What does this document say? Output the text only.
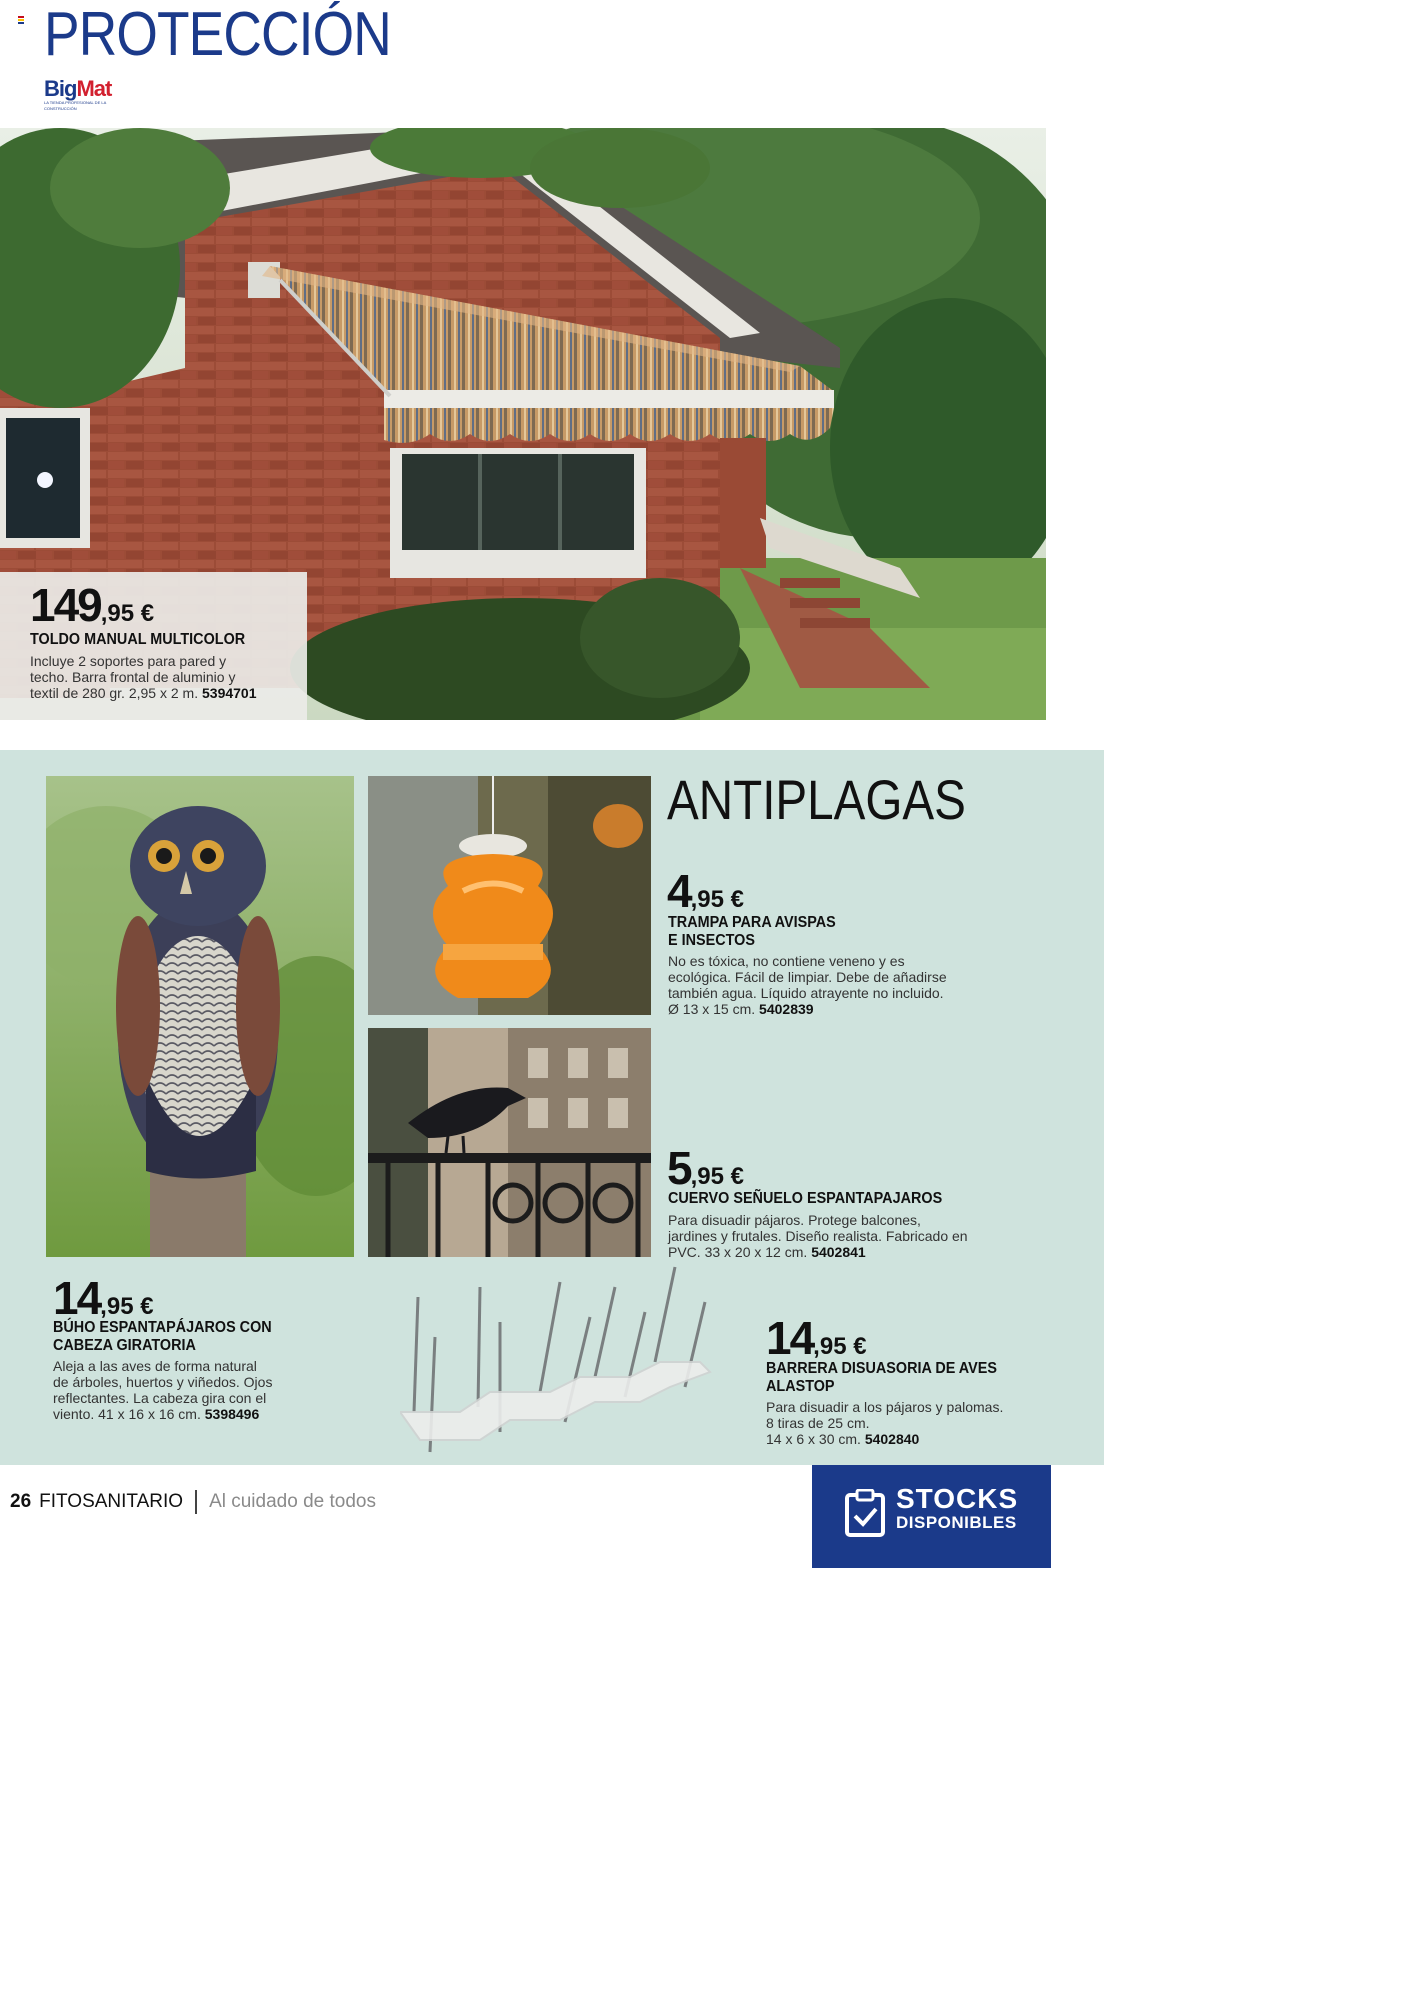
PROTECCIÓN
BigMat
LA TIENDA PROFESIONAL DE LA CONSTRUCCIÓN
149,95 €
TOLDO MANUAL MULTICOLOR
Incluye 2 soportes para pared y
techo. Barra frontal de aluminio y
textil de 280 gr. 2,95 x 2 m. 5394701
ANTIPLAGAS
4,95 €
TRAMPA PARA AVISPAS
E INSECTOS
No es tóxica, no contiene veneno y es
ecológica. Fácil de limpiar. Debe de añadirse
también agua. Líquido atrayente no incluido.
Ø 13 x 15 cm. 5402839
5,95 €
CUERVO SEÑUELO ESPANTAPAJAROS
Para disuadir pájaros. Protege balcones,
jardines y frutales. Diseño realista. Fabricado en
PVC. 33 x 20 x 12 cm. 5402841
14,95 €
BÚHO ESPANTAPÁJAROS CON
CABEZA GIRATORIA
Aleja a las aves de forma natural
de árboles, huertos y viñedos. Ojos
reflectantes. La cabeza gira con el
viento. 41 x 16 x 16 cm. 5398496
14,95 €
BARRERA DISUASORIA DE AVES
ALASTOP
Para disuadir a los pájaros y palomas.
8 tiras de 25 cm.
14 x 6 x 30 cm. 5402840
26 FITOSANITARIO Al cuidado de todos	STOCKS
DISPONIBLES
